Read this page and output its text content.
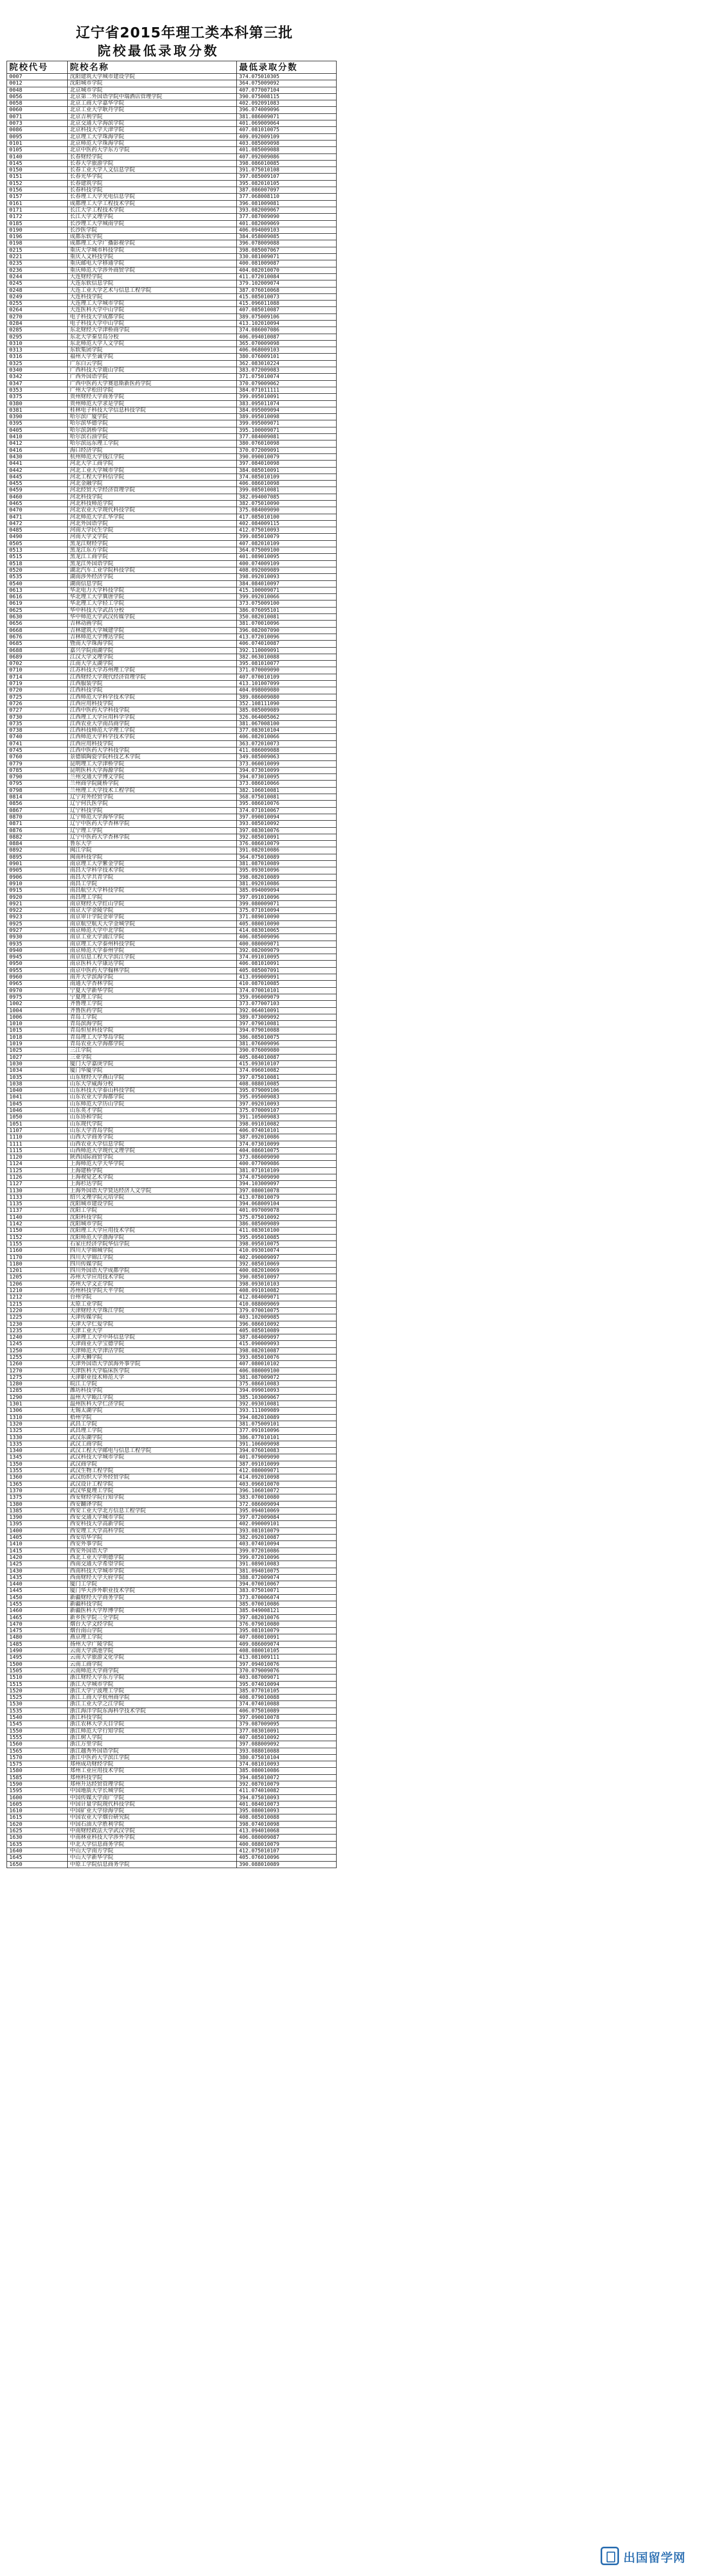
辽宁省2015年理工类本科第三批
院校最低录取分数
院校代号	院校名称	最低录取分数
0007	沈阳建筑大学城市建设学院	374.075010305
0012	沈阳城市学院	364.075009092
0048	北京城市学院	407.077007104
0056	北京第二外国语学院中瑞酒店管理学院	390.075008115
0058	北京工商大学嘉华学院	402.092091083
0060	北京工业大学耿丹学院	396.074009096
0071	北京吉利学院	381.086009071
0073	北京交通大学海滨学院	401.069009064
0086	北京科技大学天津学院	407.081010075
0095	北京理工大学珠海学院	409.092009109
0101	北京师范大学珠海学院	403.085009098
0105	北京中医药大学东方学院	401.085009088
0140	长春财经学院	407.092009086
0145	长春大学旅游学院	398.086010085
0150	长春工业大学人文信息学院	391.075010108
0151	长春光华学院	397.085009107
0152	长春建筑学院	395.082010105
0156	长春科技学院	387.086007097
0157	长春理工大学光电信息学院	377.068008110
0161	成都理工大学工程技术学院	396.081009081
0171	长江大学工程技术学院	393.082009067
0172	长江大学文理学院	377.087009090
0185	长沙理工大学城南学院	401.082009069
0190	长沙医学院	406.094009103
0196	成都东软学院	384.058009085
0198	成都理工大学广播影视学院	396.078009088
0215	重庆大学城市科技学院	398.085007067
0221	重庆人文科技学院	330.081009071
0235	重庆邮电大学移通学院	400.081009087
0236	重庆师范大学涉外商贸学院	404.082010070
0244	大连财经学院	411.072010084
0245	大连东软信息学院	379.102009074
0248	大连工业大学艺术与信息工程学院	387.076010068
0249	大连科技学院	415.085010073
0255	大连理工大学城市学院	415.096011088
0264	大连医科大学中山学院	407.085010087
0270	电子科技大学成都学院	389.075009106
0284	电子科技大学中山学院	413.102010094
0285	东北财经大学津桥商学院	374.086007086
0295	东北大学秦皇岛分校	406.094010087
0310	东北师范大学人文学院	365.070009098
0313	东软集团学院	406.068009103
0316	福州大学至诚学院	380.076009101
0325	广东白云学院	362.083010224
0340	广西科技大学鹿山学院	383.072009083
0342	广西外国语学院	371.075010074
0347	广西中医药大学赛恩斯新医药学院	370.079009062
0353	广州大学松田学院	384.071011111
0375	贵州财经大学商务学院	399.095010091
0380	贵州师范大学求是学院	383.095011074
0381	桂林电子科技大学信息科技学院	384.095009094
0390	哈尔滨广厦学院	389.095010098
0395	哈尔滨华德学院	399.095009071
0405	哈尔滨剑桥学院	395.100009071
0410	哈尔滨石油学院	377.084009081
0412	哈尔滨远东理工学院	380.076010098
0416	海口经济学院	370.072009091
0430	杭州师范大学钱江学院	390.090010079
0441	河北大学工商学院	397.084010098
0442	河北工业大学城市学院	384.085010091
0445	河北工程大学科信学院	374.085010109
0455	河北金融学院	406.086010098
0459	河北经贸大学经济管理学院	399.085010081
0460	河北科技学院	382.094007085
0465	河北科技师范学院	382.075010090
0470	河北农业大学现代科技学院	375.084009090
0471	河北师范大学汇华学院	417.085010100
0472	河北外国语学院	402.084009115
0485	河南大学民生学院	412.075010093
0490	河南大学文学院	399.085010079
0505	黑龙江财经学院	407.082010109
0513	黑龙江东方学院	364.075009100
0515	黑龙江工商学院	401.089010095
0518	黑龙江外国语学院	400.074009109
0520	湖北汽车工业学院科技学院	408.092009089
0535	湖南涉外经济学院	398.092010093
0540	湖南信息学院	384.084010097
0613	华北电力大学科技学院	415.100009071
0616	华北理工大学冀唐学院	399.092010066
0619	华北理工大学轻工学院	373.075009100
0625	华中科技大学武昌分校	386.076095101
0630	华中师范大学武汉传媒学院	350.082010081
0656	吉林动画学院	381.070010096
0668	吉林建筑大学城建学院	396.082007090
0676	吉林师范大学博达学院	413.072010096
0685	暨南大学珠海学院	406.074010087
0688	嘉兴学院南湖学院	392.110009091
0689	江汉大学文理学院	382.063010088
0702	江南大学太湖学院	395.081010077
0710	江苏科技大学苏州理工学院	371.070009090
0714	江西财经大学现代经济管理学院	407.070010109
0719	江西服装学院	413.101007099
0720	江西科技学院	404.098009080
0725	江西师范大学科学技术学院	389.086009080
0726	江西应用科技学院	352.108111090
0727	江西中医药大学科技学院	385.085009089
0730	江西理工大学应用科学学院	326.064005062
0735	江西农业大学南昌商学院	381.067008100
0738	江西科技师范大学理工学院	377.083010104
0740	江西师范大学科学技术学院	406.082010066
0741	江西应用科技学院	363.072010073
0745	江西中医药大学科技学院	411.086009088
0760	景德镇陶瓷学院科技艺术学院	349.085009063
0779	昆明理工大学津桥学院	373.060010099
0785	昆明医科大学海源学院	394.073010099
0790	兰州交通大学博文学院	394.073010095
0795	兰州商学院陇桥学院	373.086010066
0798	兰州理工大学技术工程学院	382.106010081
0814	辽宁对外经贸学院	368.075010081
0856	辽宁何氏医学院	395.086010076
0867	辽宁科技学院	374.071010067
0870	辽宁师范大学海华学院	397.090010094
0871	辽宁中医药大学杏林学院	393.085010092
0876	辽宁理工学院	397.083010076
0882	辽宁中医药大学杏林学院	392.085010091
0884	鲁东大学	376.086010079
0892	闽江学院	391.082010086
0895	闽南科技学院	364.075010089
0901	南京理工大学紫金学院	381.087010089
0905	南昌大学科学技术学院	395.093010096
0906	南昌大学共青学院	398.082010089
0910	南昌工学院	381.092010086
0915	南昌航空大学科技学院	385.094009094
0920	南昌理工学院	397.091010096
0921	南京财经大学红山学院	399.080009071
0922	南京大学金陵学院	375.071010094
0923	南京审计学院金审学院	371.089010090
0925	南京航空航天大学金城学院	405.080010090
0927	南京师范大学中北学院	414.083010065
0930	南京工业大学浦江学院	406.085009096
0935	南京理工大学泰州科技学院	400.080009071
0940	南京师范大学泰州学院	392.082009079
0945	南京信息工程大学滨江学院	374.091010095
0950	南京医科大学康达学院	406.081010091
0955	南京中医药大学翰林学院	405.085007091
0960	南开大学滨海学院	413.099009091
0965	南通大学杏林学院	410.087010085
0970	宁夏大学新华学院	374.070010101
0975	宁夏理工学院	359.096009079
1002	齐鲁理工学院	373.077007103
1004	齐鲁医药学院	392.064010091
1006	青岛工学院	389.073009092
1010	青岛滨海学院	397.079010081
1015	青岛恒星科技学院	394.079010088
1018	青岛理工大学琴岛学院	386.085010075
1019	青岛农业大学海都学院	381.076009096
1025	三江学院	390.076009080
1027	三亚学院	405.084010087
1030	厦门大学嘉庚学院	415.093010107
1034	厦门华厦学院	374.096010082
1035	山东财经大学燕山学院	397.075010081
1038	山东大学威海分校	408.088010085
1040	山东科技大学泰山科技学院	395.079009106
1041	山东农业大学海都学院	395.095009083
1045	山东师范大学历山学院	397.092010093
1046	山东英才学院	375.070009107
1050	山东协和学院	391.105009083
1051	山东现代学院	398.091010082
1107	山东大学青岛学院	406.074010101
1110	山西大学商务学院	387.092010086
1111	山西农业大学信息学院	374.073010099
1115	山西师范大学现代文理学院	404.086010075
1120	陕西国际商贸学院	373.086009090
1124	上海师范大学天华学院	400.077009086
1125	上海建桥学院	381.071010109
1126	上海视觉艺术学院	374.075009090
1127	上海杉达学院	394.103009097
1130	上海外国语大学贤达经济人文学院	397.080010078
1133	绍兴文理学院元培学院	413.078010079
1135	沈阳城市建设学院	394.068009104
1137	沈阳工学院	401.097009078
1140	沈阳科技学院	375.075010092
1142	沈阳城市学院	386.085009089
1150	沈阳理工大学应用技术学院	411.083010100
1152	沈阳师范大学渤海学院	395.095010085
1155	石家庄经济学院华信学院	398.095010075
1160	四川大学锦城学院	410.093010074
1170	四川大学锦江学院	402.090009097
1180	四川传媒学院	392.085010069
1201	四川外国语大学成都学院	400.082010069
1205	苏州大学应用技术学院	390.085010097
1206	苏州大学文正学院	398.093010103
1210	苏州科技学院天平学院	408.091010082
1212	台州学院	412.084009071
1215	太原工业学院	410.088009069
1220	天津财经大学珠江学院	379.070010075
1225	天津传媒学院	403.102009085
1230	天津大学仁爱学院	396.086010092
1235	天津工业大学	405.085010089
1240	天津理工大学中环信息学院	387.084009097
1245	天津商业大学宝德学院	415.090009093
1250	天津师范大学津沽学院	398.082010087
1255	天津天狮学院	393.085010076
1260	天津外国语大学滨海外事学院	407.080010102
1270	天津医科大学临床医学院	406.080009100
1275	天津职业技术师范大学	381.087009072
1280	皖江工学院	375.086010083
1285	潍坊科技学院	394.099010093
1290	温州大学瓯江学院	385.103009067
1301	温州医科大学仁济学院	392.093010081
1306	无锡太湖学院	393.111009089
1310	梧州学院	394.082010089
1320	武昌工学院	381.075009101
1325	武昌理工学院	377.091010096
1330	武汉东湖学院	386.077010101
1335	武汉工商学院	391.106009098
1340	武汉工程大学邮电与信息工程学院	394.076010083
1345	武汉科技大学城市学院	401.079009090
1350	武汉商学院	387.091010099
1355	武汉生物工程学院	412.080009071
1360	武汉纺织大学外经贸学院	414.092010098
1365	武汉设计工程学院	403.096010070
1370	武汉华夏理工学院	396.106010072
1375	西安财经学院行知学院	383.070010080
1380	西安翻译学院	372.086009094
1385	西安工业大学北方信息工程学院	395.094010069
1390	西安交通大学城市学院	397.072009084
1395	西安科技大学高新学院	402.090009101
1400	西安理工大学高科学院	393.081010079
1405	西安培华学院	382.092010087
1410	西安外事学院	403.074010094
1415	西安外国语大学	399.072010086
1420	西北工业大学明德学院	399.072010096
1425	西南交通大学希望学院	391.089010083
1430	西南科技大学城市学院	381.094010075
1435	西南财经大学天府学院	388.072009074
1440	厦门工学院	394.070010067
1445	厦门华天涉外职业技术学院	383.075010071
1450	新疆财经大学商务学院	373.070006074
1455	新疆科技学院	385.070010086
1460	新疆医科大学厚博学院	385.049008121
1465	新乡医学院三全学院	397.082010076
1470	烟台大学文经学院	376.079010080
1475	烟台南山学院	395.081010079
1480	燕京理工学院	407.080010091
1485	扬州大学广陵学院	409.086009074
1490	云南大学滇池学院	408.080010105
1495	云南大学旅游文化学院	413.081009111
1500	云南工商学院	397.094010076
1505	云南师范大学商学院	370.079009076
1510	浙江财经大学东方学院	403.087009071
1515	浙江大学城市学院	395.074010094
1520	浙江大学宁波理工学院	385.077010105
1525	浙江工商大学杭州商学院	408.079010088
1530	浙江工业大学之江学院	374.074010088
1535	浙江海洋学院东海科学技术学院	406.075010089
1540	浙江科技学院	397.090010078
1545	浙江农林大学天目学院	379.087009095
1550	浙江师范大学行知学院	377.083010091
1555	浙江树人学院	407.085010092
1560	浙江万里学院	397.088009092
1565	浙江越秀外国语学院	393.088010088
1570	浙江中医药大学滨江学院	380.075010104
1575	郑州成功财经学院	374.081010093
1580	郑州工业应用技术学院	385.080010086
1585	郑州科技学院	394.085010072
1590	郑州升达经贸管理学院	392.087010079
1595	中国地质大学长城学院	411.074010082
1600	中国传媒大学南广学院	394.075010093
1605	中国计量学院现代科技学院	401.084010073
1610	中国矿业大学徐海学院	395.080010093
1615	中国农业大学烟台研究院	408.085010088
1620	中国石油大学胜利学院	398.074010098
1625	中南财经政法大学武汉学院	413.094010068
1630	中南林业科技大学涉外学院	406.080009087
1635	中北大学信息商务学院	400.088010079
1640	中山大学南方学院	412.075010107
1645	中山大学新华学院	405.076010096
1650	中原工学院信息商务学院	390.088010089
出国留学网
